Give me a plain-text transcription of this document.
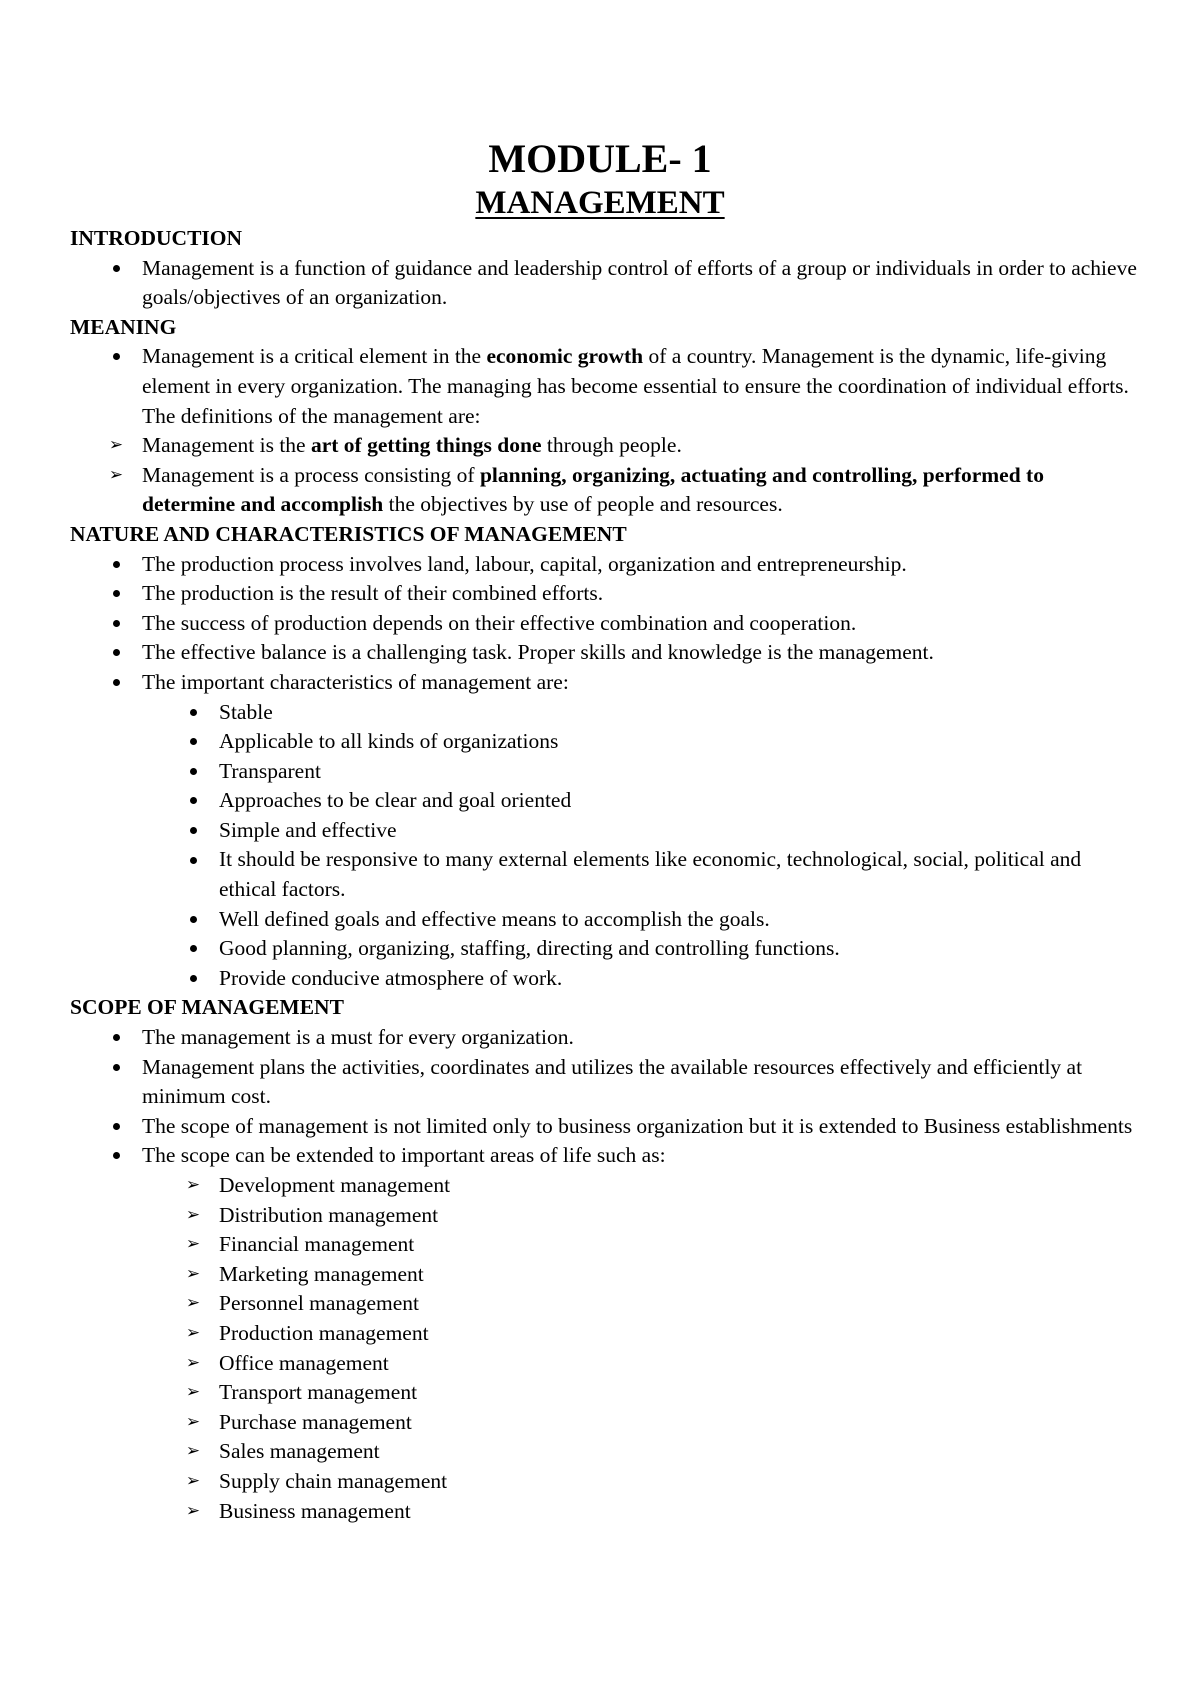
MODULE- 1
MANAGEMENT
INTRODUCTION
Management is a function of guidance and leadership control of efforts of a group or individuals in order to achieve goals/objectives of an organization.
MEANING
Management is a critical element in the economic growth of a country. Management is the dynamic, life-giving element in every organization. The managing has become essential to ensure the coordination of individual efforts. The definitions of the management are:
➢ Management is the art of getting things done through people.
➢ Management is a process consisting of planning, organizing, actuating and controlling, performed to determine and accomplish the objectives by use of people and resources.
NATURE AND CHARACTERISTICS OF MANAGEMENT
The production process involves land, labour, capital, organization and entrepreneurship.
The production is the result of their combined efforts.
The success of production depends on their effective combination and cooperation.
The effective balance is a challenging task. Proper skills and knowledge is the management.
The important characteristics of management are:
Stable
Applicable to all kinds of organizations
Transparent
Approaches to be clear and goal oriented
Simple and effective
It should be responsive to many external elements like economic, technological, social, political and ethical factors.
Well defined goals and effective means to accomplish the goals.
Good planning, organizing, staffing, directing and controlling functions.
Provide conducive atmosphere of work.
SCOPE OF MANAGEMENT
The management is a must for every organization.
Management plans the activities, coordinates and utilizes the available resources effectively and efficiently at minimum cost.
The scope of management is not limited only to business organization but it is extended to Business establishments
The scope can be extended to important areas of life such as:
➢ Development management
➢ Distribution management
➢ Financial management
➢ Marketing management
➢ Personnel management
➢ Production management
➢ Office management
➢ Transport management
➢ Purchase management
➢ Sales management
➢ Supply chain management
➢ Business management
